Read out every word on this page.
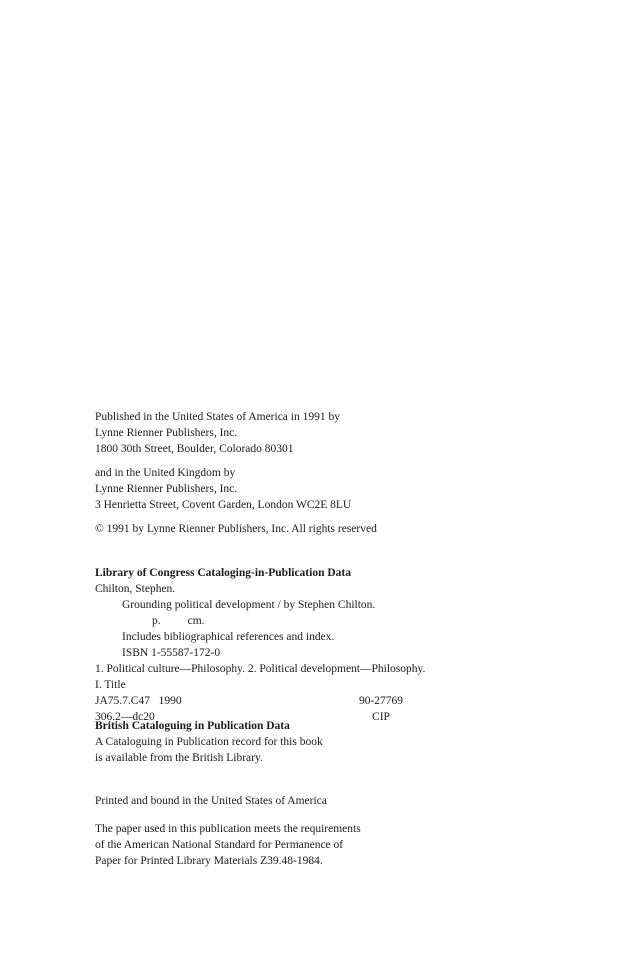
Published in the United States of America in 1991 by
Lynne Rienner Publishers, Inc.
1800 30th Street, Boulder, Colorado 80301
and in the United Kingdom by
Lynne Rienner Publishers, Inc.
3 Henrietta Street, Covent Garden, London WC2E 8LU
© 1991 by Lynne Rienner Publishers, Inc. All rights reserved
Library of Congress Cataloging-in-Publication Data
Chilton, Stephen.
Grounding political development / by Stephen Chilton.
p. cm.
Includes bibliographical references and index.
ISBN 1-55587-172-0
1. Political culture—Philosophy. 2. Political development—Philosophy.
I. Title
JA75.7.C47   1990	90-27769
306.2—dc20	CIP
British Cataloguing in Publication Data
A Cataloguing in Publication record for this book
is available from the British Library.
Printed and bound in the United States of America
The paper used in this publication meets the requirements
of the American National Standard for Permanence of
Paper for Printed Library Materials Z39.48-1984.
